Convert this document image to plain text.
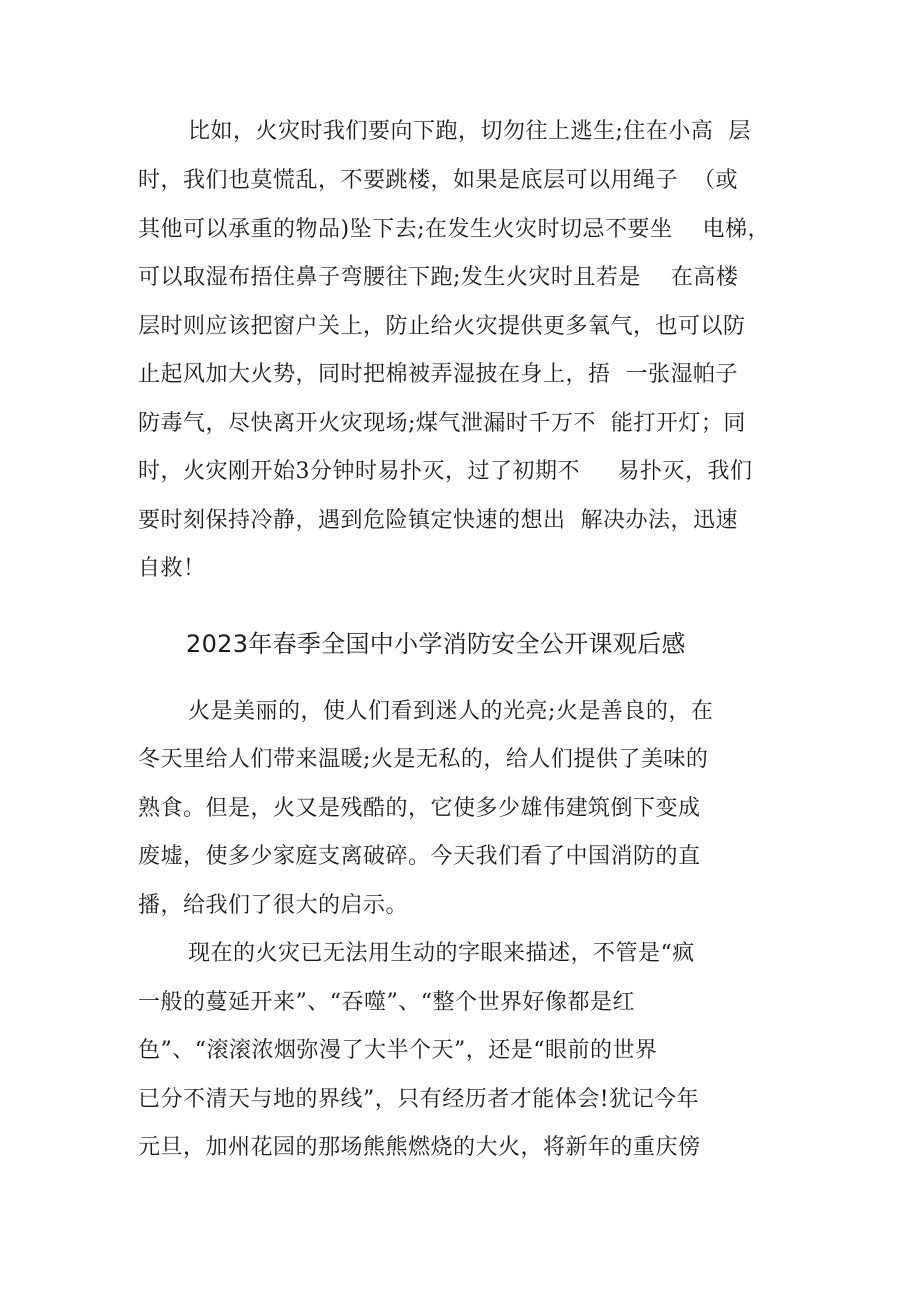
比如，火灾时我们要向下跑，切勿往上逃生;住在小高  层
时，我们也莫慌乱，不要跳楼，如果是底层可以用绳子  （或
其他可以承重的物品)坠下去;在发生火灾时切忌不要坐    电梯，
可以取湿布捂住鼻子弯腰往下跑;发生火灾时且若是    在高楼
层时则应该把窗户关上，防止给火灾提供更多氧气，也可以防
止起风加大火势，同时把棉被弄湿披在身上，捂  一张湿帕子
防毒气，尽快离开火灾现场;煤气泄漏时千万不  能打开灯；同
时，火灾刚开始3分钟时易扑灭，过了初期不     易扑灭，我们
要时刻保持冷静，遇到危险镇定快速的想出  解决办法，迅速
自救！
2023年春季全国中小学消防安全公开课观后感
火是美丽的，使人们看到迷人的光亮;火是善良的，在
冬天里给人们带来温暖;火是无私的，给人们提供了美味的
熟食。但是，火又是残酷的，它使多少雄伟建筑倒下变成
废墟，使多少家庭支离破碎。今天我们看了中国消防的直
播，给我们了很大的启示。
现在的火灾已无法用生动的字眼来描述，不管是“疯
一般的蔓延开来”、“吞噬”、“整个世界好像都是红
色”、“滚滚浓烟弥漫了大半个天”，还是“眼前的世界
已分不清天与地的界线”，只有经历者才能体会!犹记今年
元旦，加州花园的那场熊熊燃烧的大火，将新年的重庆傍
